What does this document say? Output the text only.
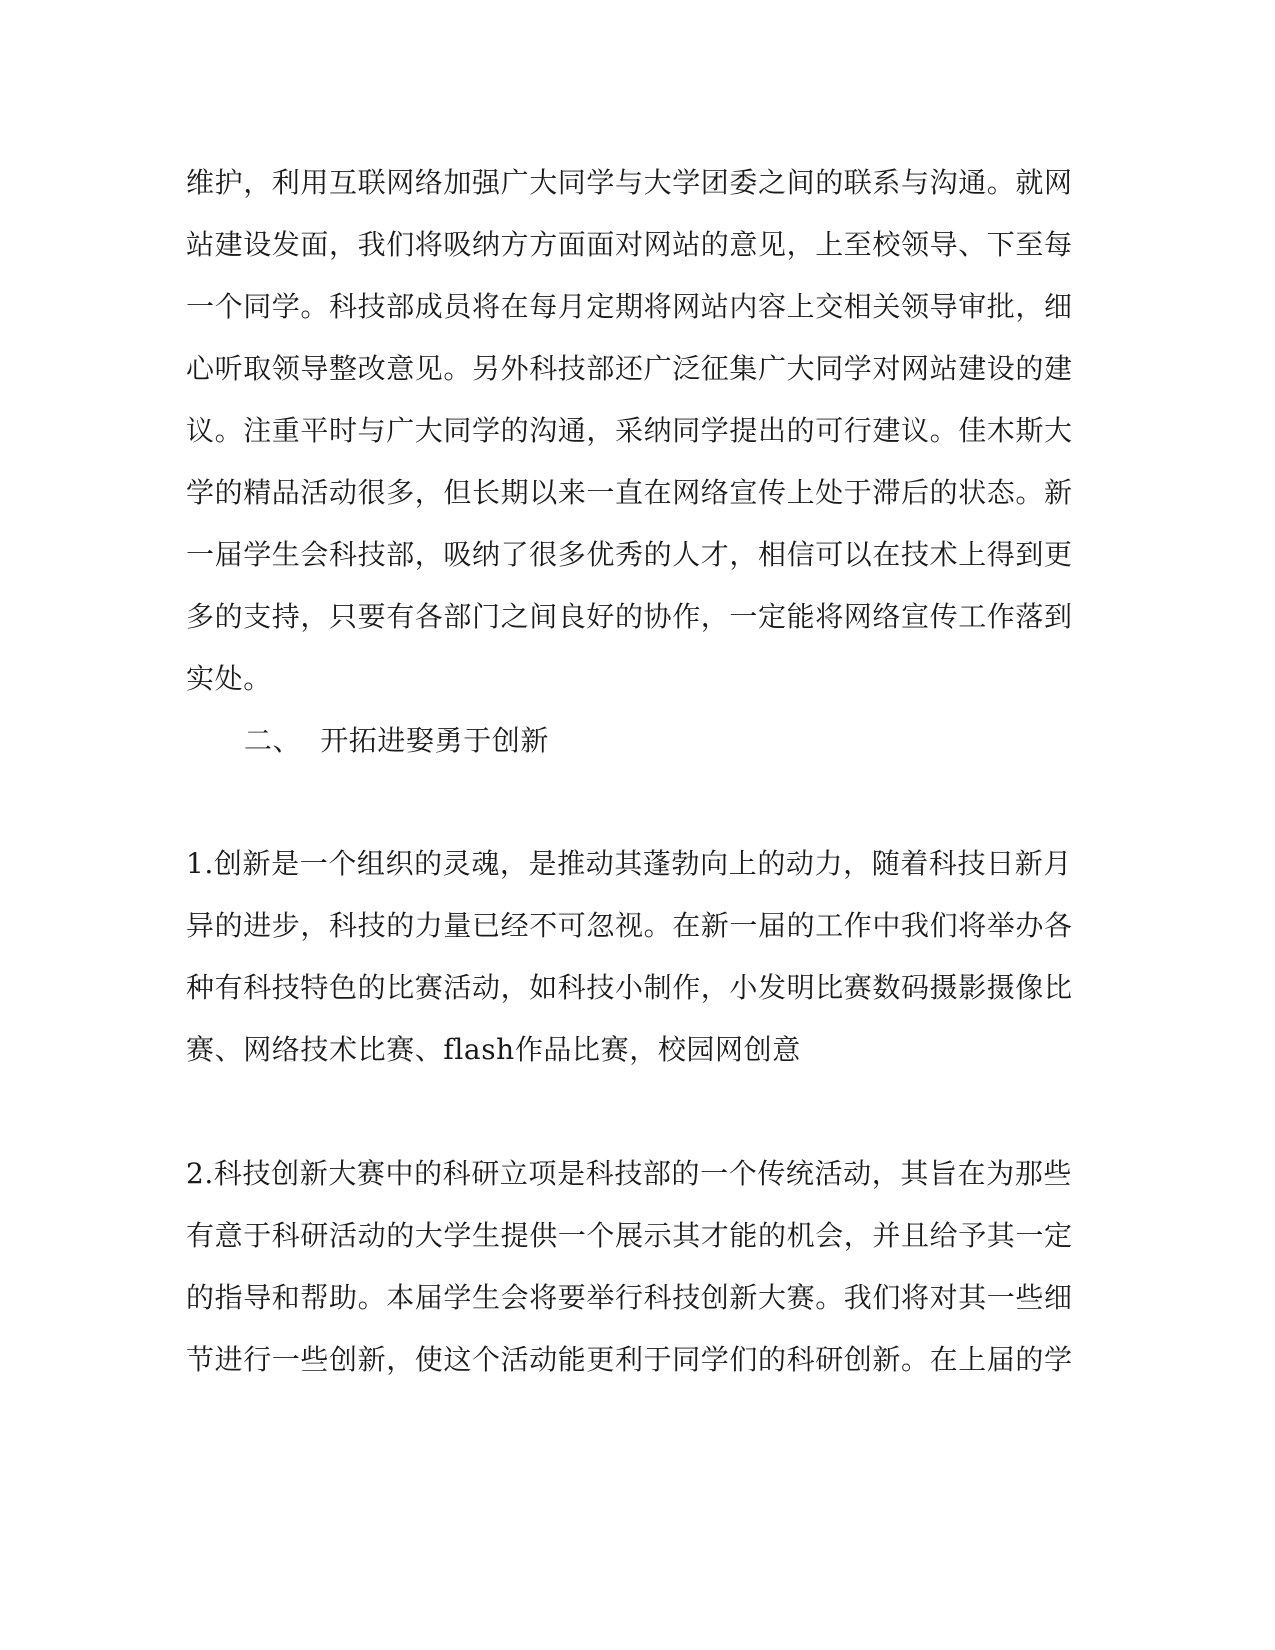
维护，利用互联网络加强广大同学与大学团委之间的联系与沟通。就网
站建设发面，我们将吸纳方方面面对网站的意见，上至校领导、下至每
一个同学。科技部成员将在每月定期将网站内容上交相关领导审批，细
心听取领导整改意见。另外科技部还广泛征集广大同学对网站建设的建
议。注重平时与广大同学的沟通，采纳同学提出的可行建议。佳木斯大
学的精品活动很多，但长期以来一直在网络宣传上处于滞后的状态。新
一届学生会科技部，吸纳了很多优秀的人才，相信可以在技术上得到更
多的支持，只要有各部门之间良好的协作，一定能将网络宣传工作落到
实处。
二、  开拓进娶勇于创新
1.创新是一个组织的灵魂，是推动其蓬勃向上的动力，随着科技日新月
异的进步，科技的力量已经不可忽视。在新一届的工作中我们将举办各
种有科技特色的比赛活动，如科技小制作，小发明比赛数码摄影摄像比
赛、网络技术比赛、flash作品比赛，校园网创意
2.科技创新大赛中的科研立项是科技部的一个传统活动，其旨在为那些
有意于科研活动的大学生提供一个展示其才能的机会，并且给予其一定
的指导和帮助。本届学生会将要举行科技创新大赛。我们将对其一些细
节进行一些创新，使这个活动能更利于同学们的科研创新。在上届的学
